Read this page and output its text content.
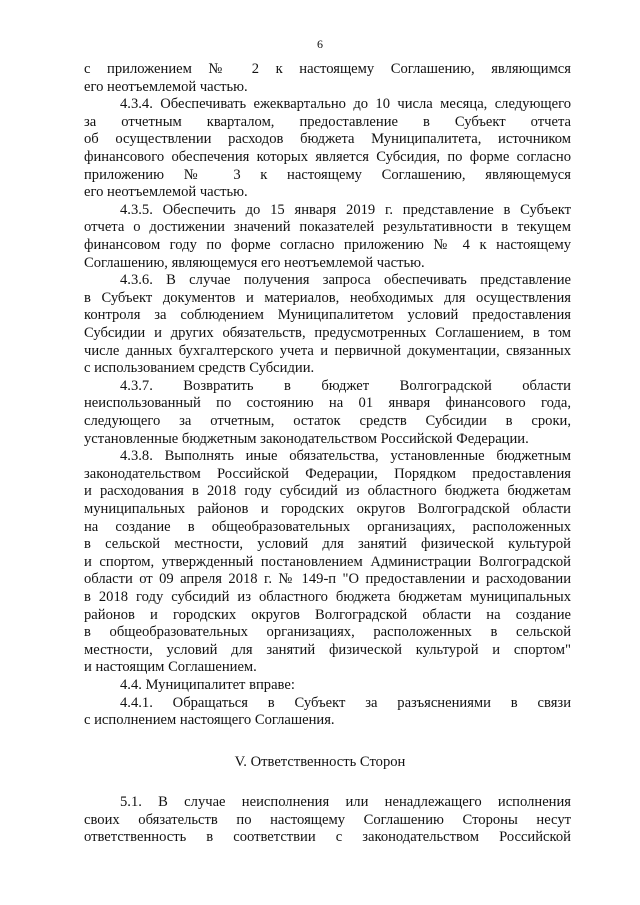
6
с приложением № 2 к настоящему Соглашению, являющимся
его неотъемлемой частью.
4.3.4. Обеспечивать ежеквартально до 10 числа месяца, следующего
за отчетным кварталом, предоставление в Субъект отчета
об осуществлении расходов бюджета Муниципалитета, источником
финансового обеспечения которых является Субсидия, по форме согласно
приложению № 3 к настоящему Соглашению, являющемуся
его неотъемлемой частью.
4.3.5. Обеспечить до 15 января 2019 г. представление в Субъект
отчета о достижении значений показателей результативности в текущем
финансовом году по форме согласно приложению № 4 к настоящему
Соглашению, являющемуся его неотъемлемой частью.
4.3.6. В случае получения запроса обеспечивать представление
в Субъект документов и материалов, необходимых для осуществления
контроля за соблюдением Муниципалитетом условий предоставления
Субсидии и других обязательств, предусмотренных Соглашением, в том
числе данных бухгалтерского учета и первичной документации, связанных
с использованием средств Субсидии.
4.3.7. Возвратить в бюджет Волгоградской области
неиспользованный по состоянию на 01 января финансового года,
следующего за отчетным, остаток средств Субсидии в сроки,
установленные бюджетным законодательством Российской Федерации.
4.3.8. Выполнять иные обязательства, установленные бюджетным
законодательством Российской Федерации, Порядком предоставления
и расходования в 2018 году субсидий из областного бюджета бюджетам
муниципальных районов и городских округов Волгоградской области
на создание в общеобразовательных организациях, расположенных
в сельской местности, условий для занятий физической культурой
и спортом, утвержденный постановлением Администрации Волгоградской
области от 09 апреля 2018 г. № 149-п "О предоставлении и расходовании
в 2018 году субсидий из областного бюджета бюджетам муниципальных
районов и городских округов Волгоградской области на создание
в общеобразовательных организациях, расположенных в сельской
местности, условий для занятий физической культурой и спортом"
и настоящим Соглашением.
4.4. Муниципалитет вправе:
4.4.1. Обращаться в Субъект за разъяснениями в связи
с исполнением настоящего Соглашения.
V. Ответственность Сторон
5.1. В случае неисполнения или ненадлежащего исполнения
своих обязательств по настоящему Соглашению Стороны несут
ответственность в соответствии с законодательством Российской
